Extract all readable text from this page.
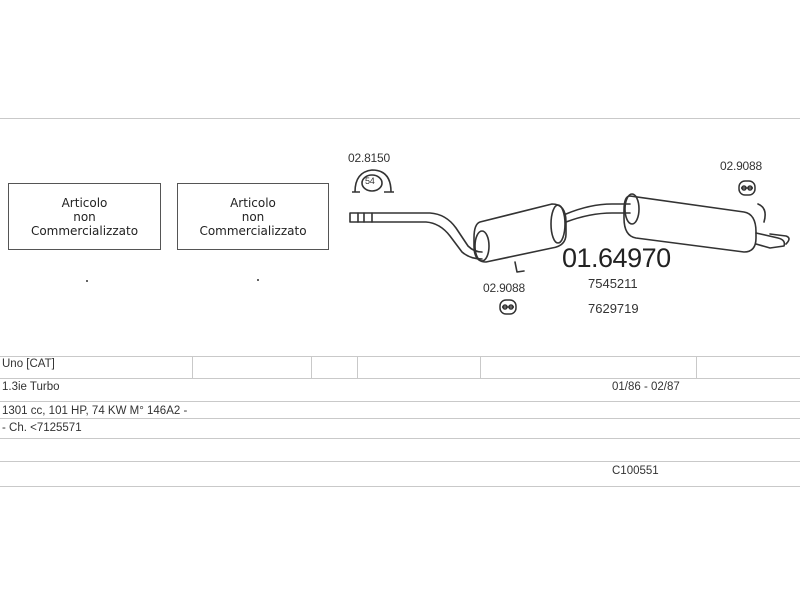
Articolo
non
Commercializzato
Articolo
non
Commercializzato
54
02.8150
02.9088
02.9088
01.64970
7545211
7629719
Uno [CAT]
1.3ie Turbo	01/86 - 02/87
1301 cc, 101 HP, 74 KW M° 146A2 -
- Ch. <7125571
C100551
